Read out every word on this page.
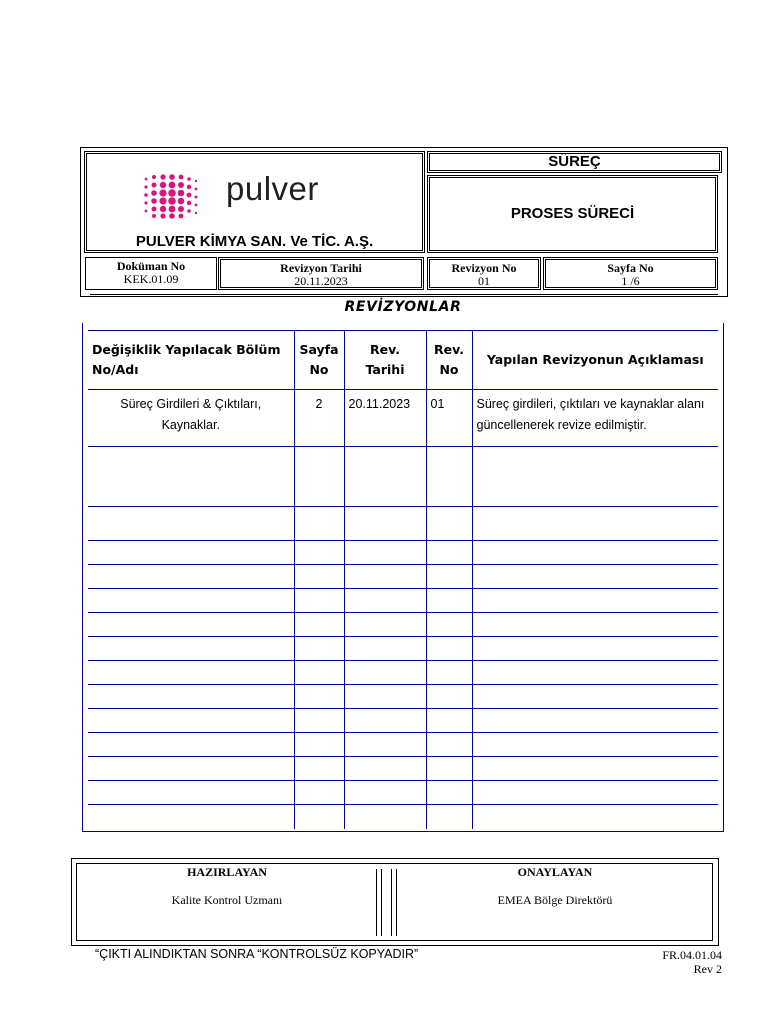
pulver
PULVER KİMYA SAN. Ve TİC. A.Ş.
SÜREÇ
PROSES SÜRECİ
Doküman No
KEK.01.09
Revizyon Tarihi
20.11.2023
Revizyon No
01
Sayfa No
1 /6
REVİZYONLAR
Değişiklik Yapılacak Bölüm No/Adı	Sayfa No	Rev. Tarihi	Rev. No	Yapılan Revizyonun Açıklaması
Süreç Girdileri & Çıktıları, Kaynaklar.	2	20.11.2023	01	Süreç girdileri, çıktıları ve kaynaklar alanı güncellenerek revize edilmiştir.

HAZIRLAYAN
Kalite Kontrol Uzmanı
ONAYLAYAN
EMEA Bölge Direktörü
“ÇIKTI ALINDIKTAN SONRA “KONTROLSÜZ KOPYADIR”	FR.04.01.04
Rev 2
